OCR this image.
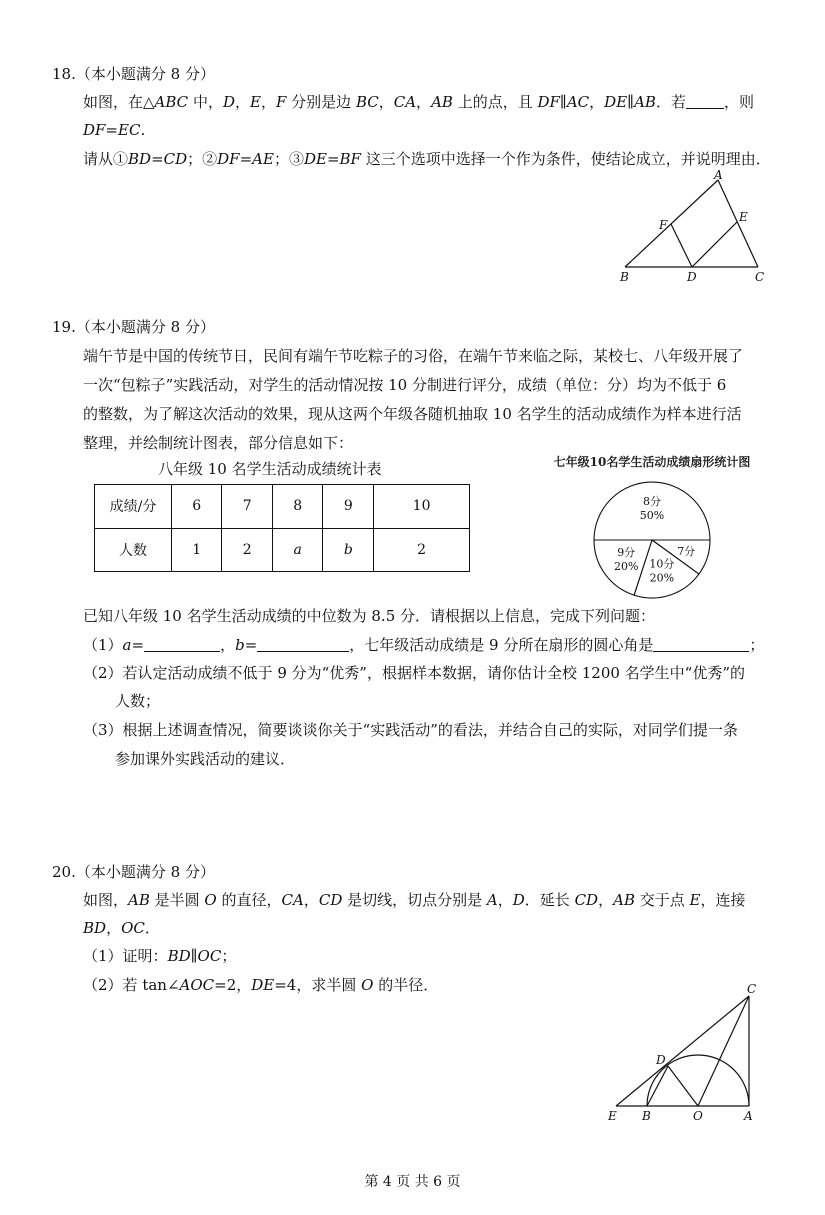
18.（本小题满分 8 分）
如图，在△ABC 中，D，E，F 分别是边 BC，CA，AB 上的点，且 DF∥AC，DE∥AB．若	，则
DF=EC.
请从①BD=CD；②DF=AE；③DE=BF 这三个选项中选择一个作为条件，使结论成立，并说明理由．
A
E
F
B	D	C
19.（本小题满分 8 分）
端午节是中国的传统节日，民间有端午节吃粽子的习俗，在端午节来临之际，某校七、八年级开展了
一次“包粽子”实践活动，对学生的活动情况按 10 分制进行评分，成绩（单位：分）均为不低于 6
的整数，为了解这次活动的效果，现从这两个年级各随机抽取 10 名学生的活动成绩作为样本进行活
整理，并绘制统计图表，部分信息如下：
八年级 10 名学生活动成绩统计表
成绩/分	6	7	8	9	10
人数	1	2	a	b	2
七年级10名学生活动成绩扇形统计图
8分
50%
7分
10分
20%
9分
20%
已知八年级 10 名学生活动成绩的中位数为 8.5 分．请根据以上信息，完成下列问题：
（1）a=	，b=	，七年级活动成绩是 9 分所在扇形的圆心角是	；
（2）若认定活动成绩不低于 9 分为“优秀”，根据样本数据，请你估计全校 1200 名学生中“优秀”的
人数；
（3）根据上述调查情况，简要谈谈你关于“实践活动”的看法，并结合自己的实际，对同学们提一条
参加课外实践活动的建议．
20.（本小题满分 8 分）
如图，AB 是半圆 O 的直径，CA，CD 是切线，切点分别是 A，D．延长 CD，AB 交于点 E，连接
BD，OC．
（1）证明：BD∥OC；
（2）若 tan∠AOC=2，DE=4，求半圆 O 的半径．	C
D
E B	O	A
第 4 页 共 6 页
